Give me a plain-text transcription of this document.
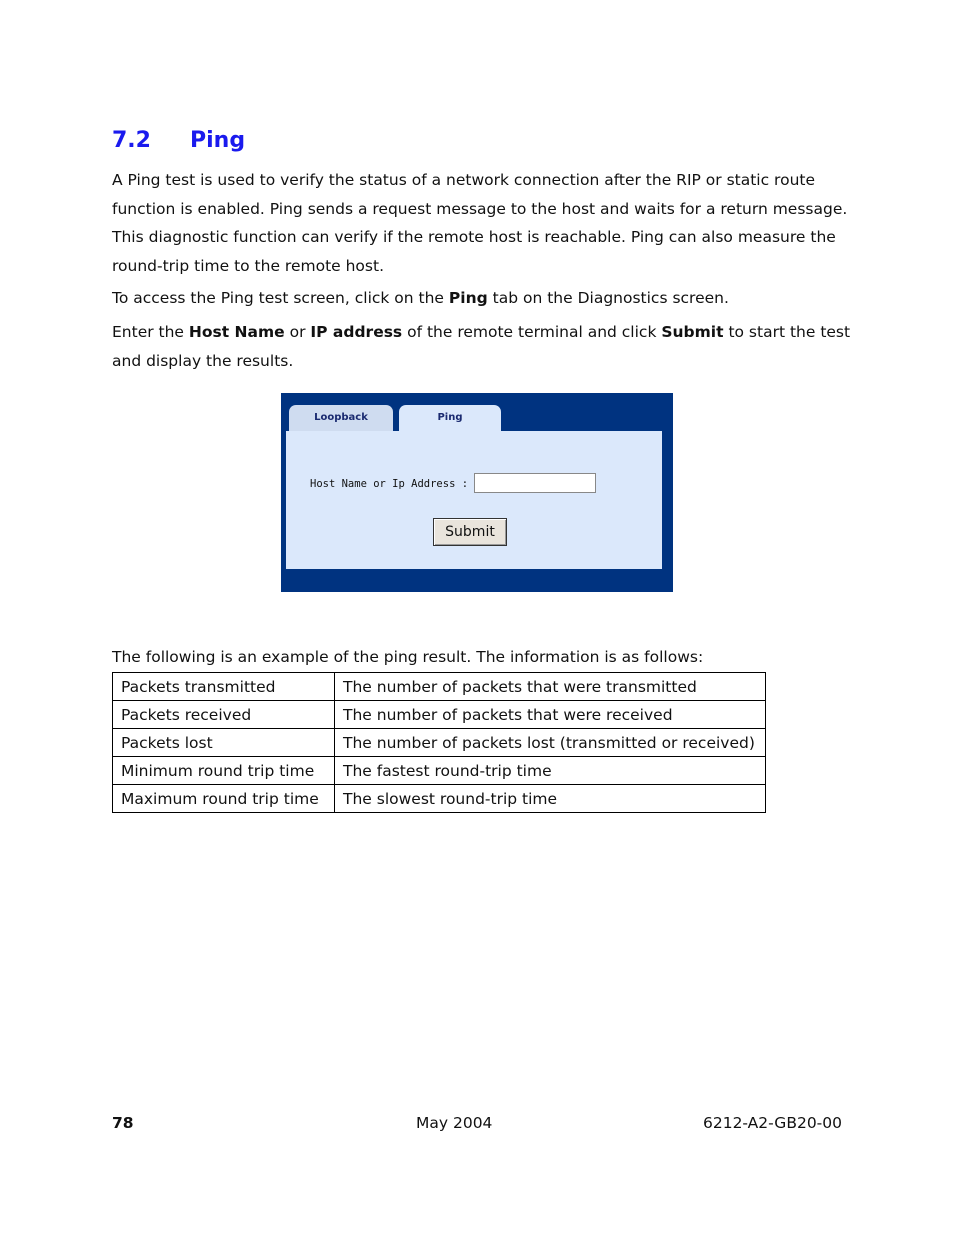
7.2	Ping

A Ping test is used to verify the status of a network connection after the RIP or static route function is enabled. Ping sends a request message to the host and waits for a return message. This diagnostic function can verify if the remote host is reachable. Ping can also measure the round-trip time to the remote host.

To access the Ping test screen, click on the Ping tab on the Diagnostics screen.

Enter the Host Name or IP address of the remote terminal and click Submit to start the test and display the results.

Loopback	Ping
Host Name or Ip Address :
Submit

The following is an example of the ping result. The information is as follows:

Packets transmitted	The number of packets that were transmitted
Packets received	The number of packets that were received
Packets lost	The number of packets lost (transmitted or received)
Minimum round trip time	The fastest round-trip time
Maximum round trip time	The slowest round-trip time
78	May 2004	6212-A2-GB20-00
